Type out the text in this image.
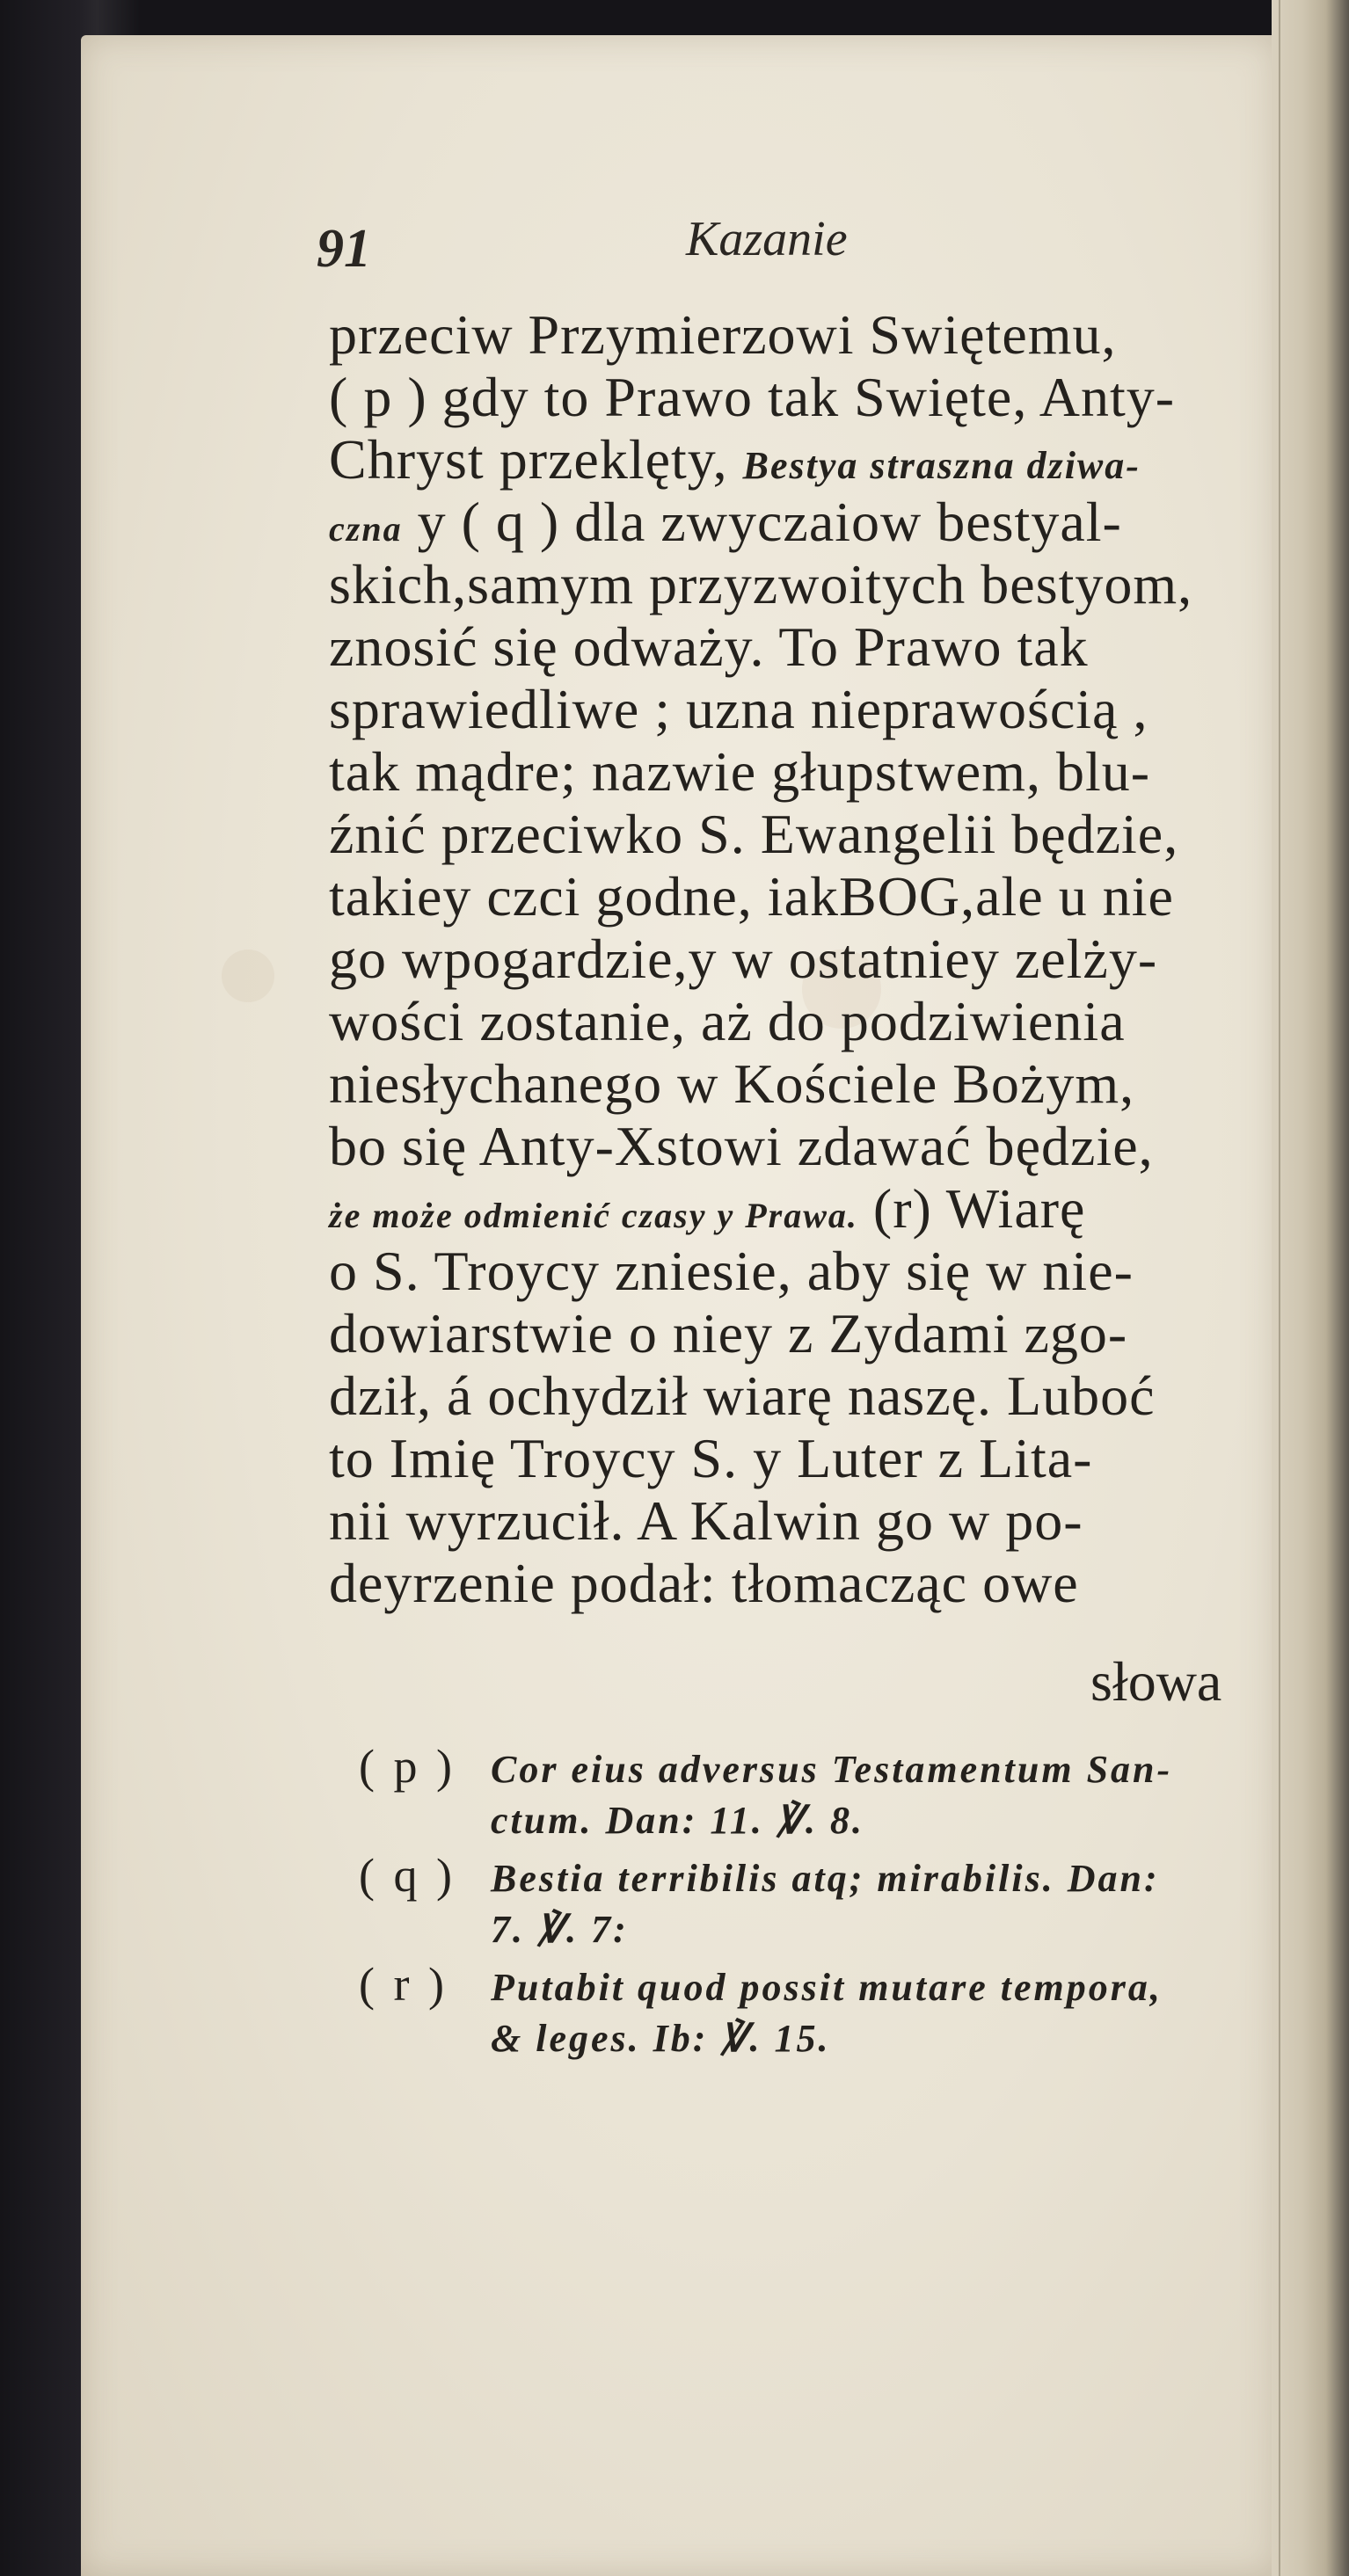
91	Kazanie
przeciw Przymierzowi Swiętemu,
( p ) gdy to Prawo tak Swięte, Anty-
Chryst przeklęty, Bestya straszna dziwa-
czna y ( q ) dla zwyczaiow bestyal-
skich,samym przyzwoitych bestyom,
znosić się odważy. To Prawo tak
sprawiedliwe ; uzna nieprawością ,
tak mądre; nazwie głupstwem, blu-
źnić przeciwko S. Ewangelii będzie,
takiey czci godne, iakBOG,ale u nie
go wpogardzie,y w ostatniey zelży-
wości zostanie, aż do podziwienia
niesłychanego w Kościele Bożym,
bo się Anty-Xstowi zdawać będzie,
że może odmienić czasy y Prawa. (r) Wiarę
o S. Troycy zniesie, aby się w nie-
dowiarstwie o niey z Zydami zgo-
dził, á ochydził wiarę naszę. Luboć
to Imię Troycy S. y Luter z Lita-
nii wyrzucił. A Kalwin go w po-
deyrzenie podał: tłomacząc owe
słowa
( p ) Cor eius adversus Testamentum San-
ctum. Dan: 11. ℣. 8.
( q ) Bestia terribilis atq; mirabilis. Dan:
7. ℣. 7:
( r ) Putabit quod possit mutare tempora,
& leges. Ib: ℣. 15.
